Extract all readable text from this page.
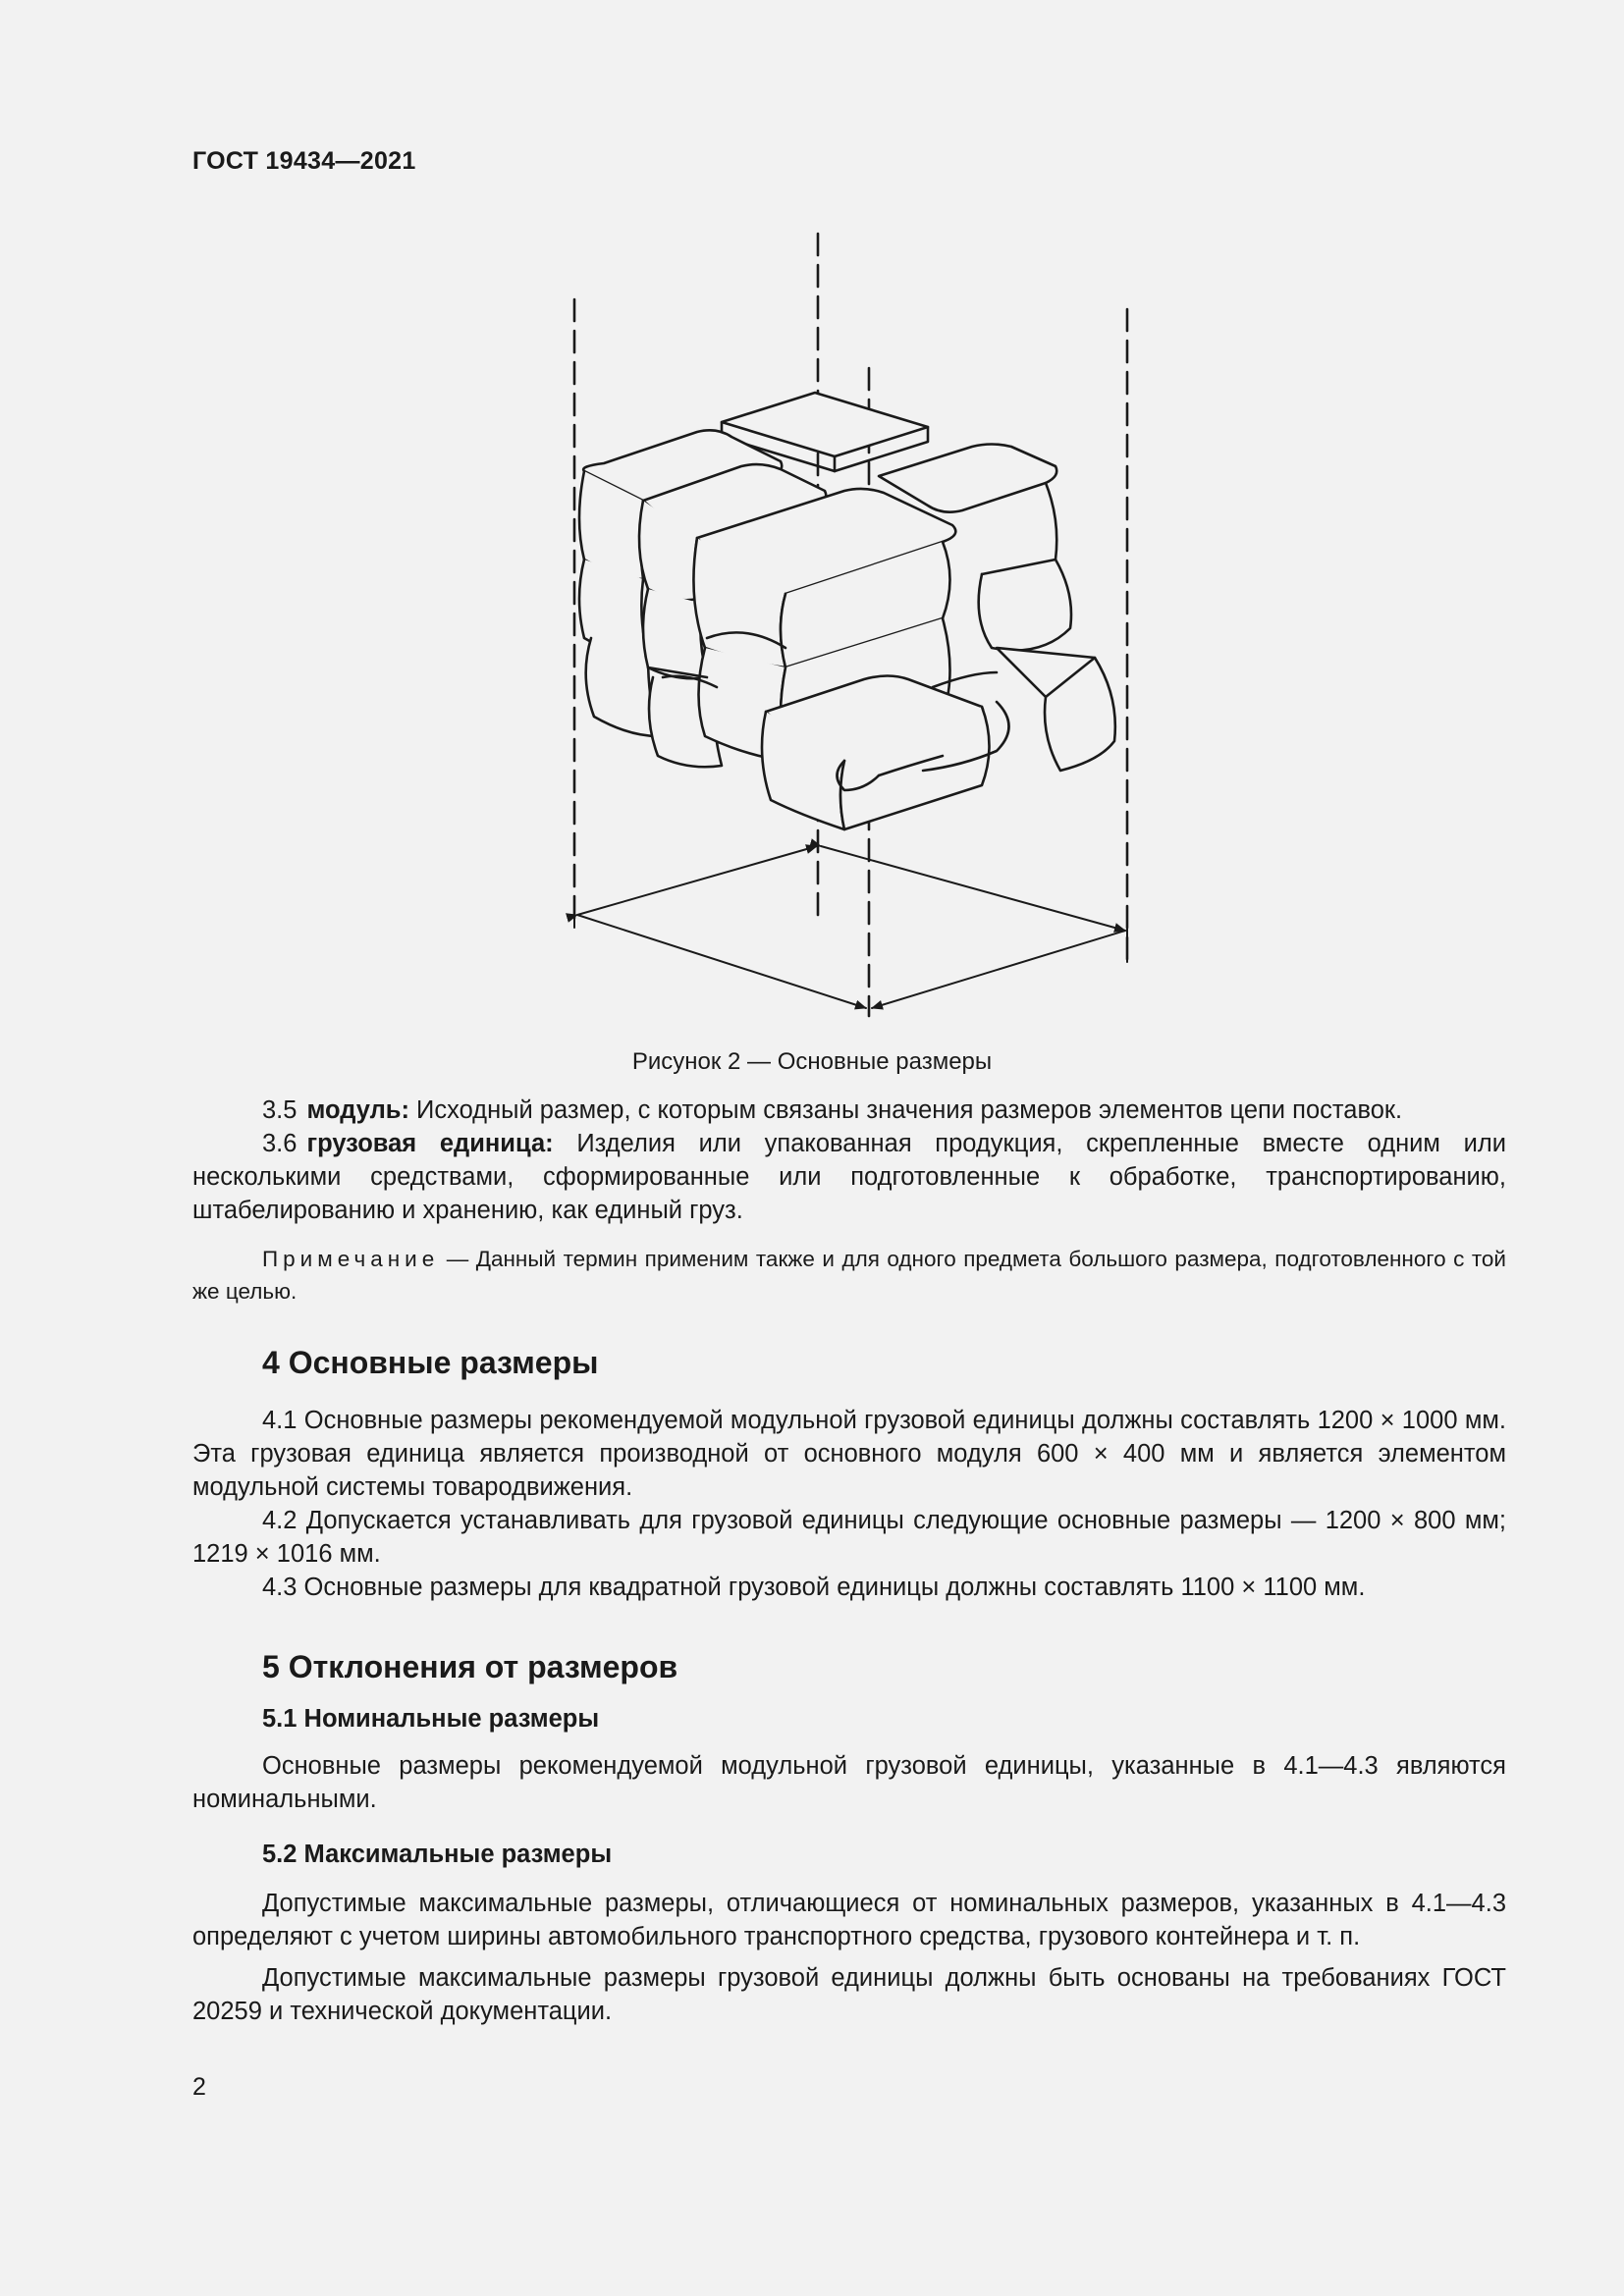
ГОСТ 19434—2021
Рисунок 2 — Основные размеры

3.5 модуль: Исходный размер, с которым связаны значения размеров элементов цепи поставок.

3.6 грузовая единица: Изделия или упакованная продукция, скрепленные вместе одним или несколькими средствами, сформированные или подготовленные к обработке, транспортированию, штабелированию и хранению, как единый груз.

Примечание — Данный термин применим также и для одного предмета большого размера, подготовленного с той же целью.

4 Основные размеры

4.1 Основные размеры рекомендуемой модульной грузовой единицы должны составлять 1200 × 1000 мм. Эта грузовая единица является производной от основного модуля 600 × 400 мм и является элементом модульной системы товародвижения.

4.2 Допускается устанавливать для грузовой единицы следующие основные размеры — 1200 × 800 мм; 1219 × 1016 мм.

4.3 Основные размеры для квадратной грузовой единицы должны составлять 1100 × 1100 мм.

5 Отклонения от размеров
5.1 Номинальные размеры

Основные размеры рекомендуемой модульной грузовой единицы, указанные в 4.1—4.3 являются номинальными.

5.2 Максимальные размеры

Допустимые максимальные размеры, отличающиеся от номинальных размеров, указанных в 4.1—4.3 определяют с учетом ширины автомобильного транспортного средства, грузового контейнера и т. п.

Допустимые максимальные размеры грузовой единицы должны быть основаны на требованиях ГОСТ 20259 и технической документации.

2
